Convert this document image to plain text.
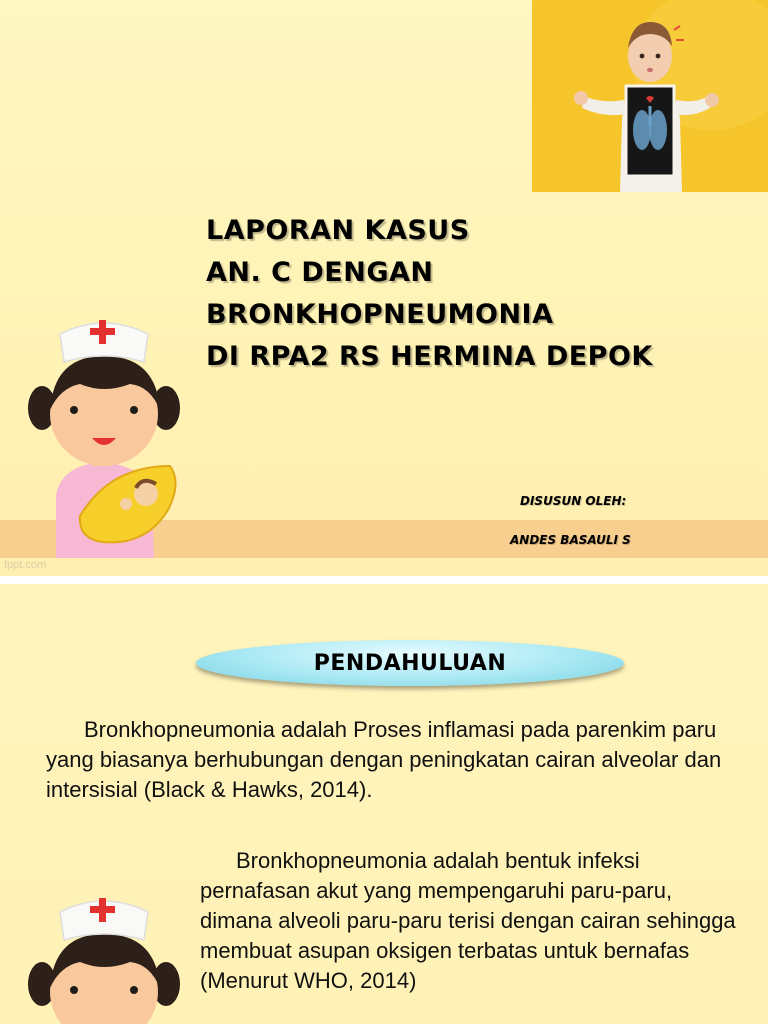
LAPORAN KASUS
AN. C DENGAN
BRONKHOPNEUMONIA
DI RPA2 RS HERMINA DEPOK
DISUSUN OLEH:
ANDES BASAULI S
fppt.com
PENDAHULUAN

Bronkhopneumonia adalah Proses inflamasi pada parenkim paru yang biasanya berhubungan dengan peningkatan cairan alveolar dan intersisial (Black & Hawks, 2014).

Bronkhopneumonia adalah bentuk infeksi pernafasan akut yang mempengaruhi paru-paru, dimana alveoli paru-paru terisi dengan cairan sehingga membuat asupan oksigen terbatas untuk bernafas (Menurut WHO, 2014)
